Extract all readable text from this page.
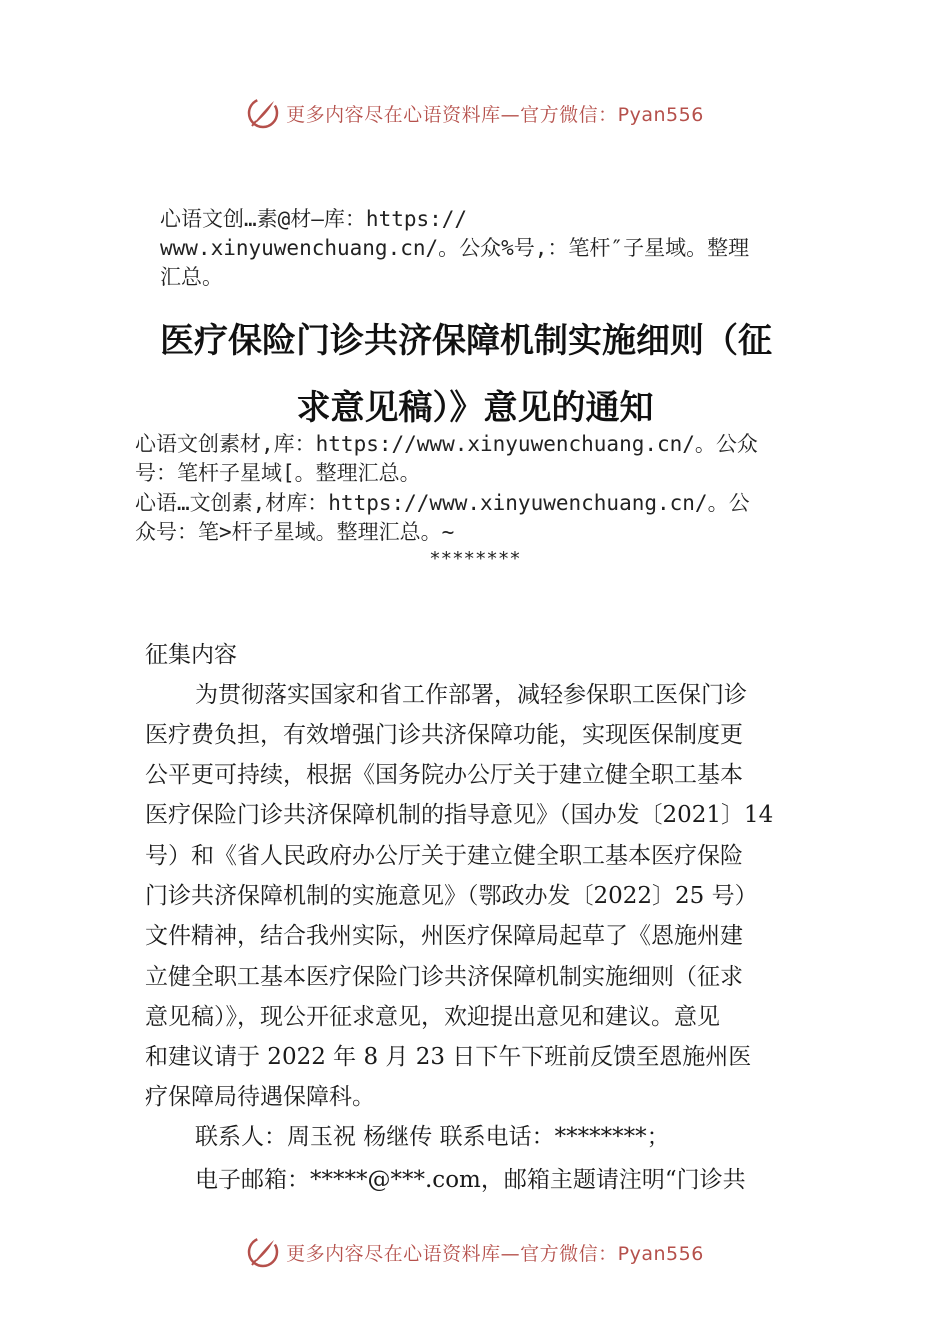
更多内容尽在心语资料库—官方微信：Pyan556
心语文创…素@材—库：https://
www.xinyuwenchuang.cn/。公众%号,：笔杆″子星域。整理
汇总。
医疗保险门诊共济保障机制实施细则（征
求意见稿）》意见的通知
心语文创素材,库：https://www.xinyuwenchuang.cn/。公众
号：笔杆子星域[。整理汇总。
心语…文创素,材库：https://www.xinyuwenchuang.cn/。公
众号：笔>杆子星域。整理汇总。~
********
征集内容
为贯彻落实国家和省工作部署，减轻参保职工医保门诊
医疗费负担，有效增强门诊共济保障功能，实现医保制度更
公平更可持续，根据《国务院办公厅关于建立健全职工基本
医疗保险门诊共济保障机制的指导意见》（国办发〔2021〕14
号）和《省人民政府办公厅关于建立健全职工基本医疗保险
门诊共济保障机制的实施意见》（鄂政办发〔2022〕25 号）
文件精神，结合我州实际，州医疗保障局起草了《恩施州建
立健全职工基本医疗保险门诊共济保障机制实施细则（征求
意见稿）》，现公开征求意见，欢迎提出意见和建议。意见
和建议请于 2022 年 8 月 23 日下午下班前反馈至恩施州医
疗保障局待遇保障科。
联系人：周玉祝 杨继传 联系电话：********；
电子邮箱：*****@***.com，邮箱主题请注明“门诊共
更多内容尽在心语资料库—官方微信：Pyan556
